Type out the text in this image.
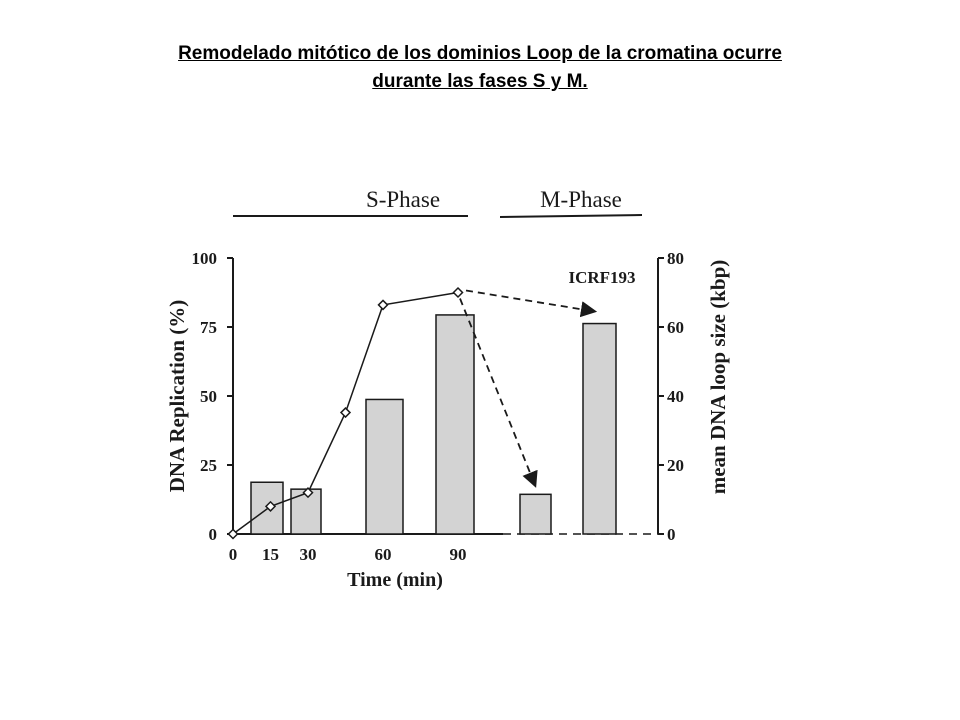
Remodelado mitótico de los dominios Loop de la cromatina ocurre
durante las fases S y M.
S-Phase	M-Phase
0
25
50
75
100
0
20
40
60
80
0 15 30	60	90
Time (min)
DNA Replication (%)	mean DNA loop size (kbp)
ICRF193
